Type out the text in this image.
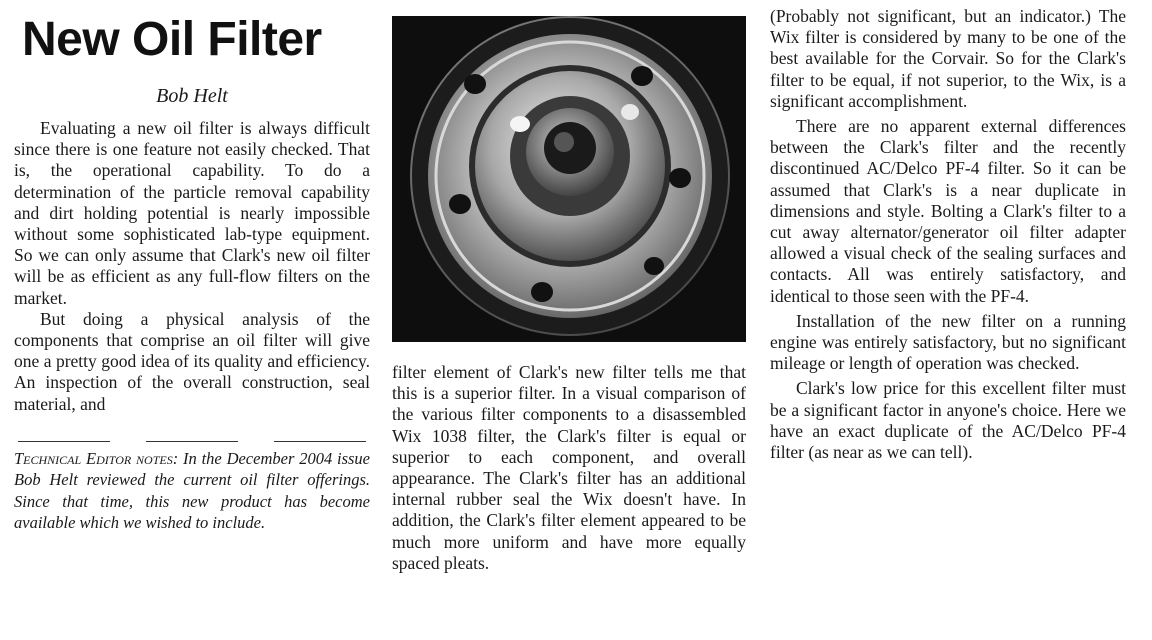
New Oil Filter
Bob Helt

Evaluating a new oil filter is always difficult since there is one feature not easily checked. That is, the operational capability. To do a determination of the particle removal capability and dirt holding potential is nearly impossible without some sophisticated lab-type equipment. So we can only assume that Clark's new oil filter will be as efficient as any full-flow filters on the market.

But doing a physical analysis of the components that comprise an oil filter will give one a pretty good idea of its quality and efficiency. An inspection of the overall construction, seal material, and

Technical Editor notes: In the December 2004 issue Bob Helt reviewed the current oil filter offerings. Since that time, this new product has become available which we wished to include.

filter element of Clark's new filter tells me that this is a superior filter. In a visual comparison of the various filter components to a disassembled Wix 1038 filter, the Clark's filter is equal or superior to each component, and overall appearance. The Clark's filter has an additional internal rubber seal the Wix doesn't have. In addition, the Clark's filter element appeared to be much more uniform and have more equally spaced pleats.

(Probably not significant, but an indicator.) The Wix filter is considered by many to be one of the best available for the Corvair. So for the Clark's filter to be equal, if not superior, to the Wix, is a significant accomplishment.

There are no apparent external differences between the Clark's filter and the recently discontinued AC/Delco PF-4 filter. So it can be assumed that Clark's is a near duplicate in dimensions and style. Bolting a Clark's filter to a cut away alternator/generator oil filter adapter allowed a visual check of the sealing surfaces and contacts. All was entirely satisfactory, and identical to those seen with the PF-4.

Installation of the new filter on a running engine was entirely satisfactory, but no significant mileage or length of operation was checked.

Clark's low price for this excellent filter must be a significant factor in anyone's choice. Here we have an exact duplicate of the AC/Delco PF-4 filter (as near as we can tell).
